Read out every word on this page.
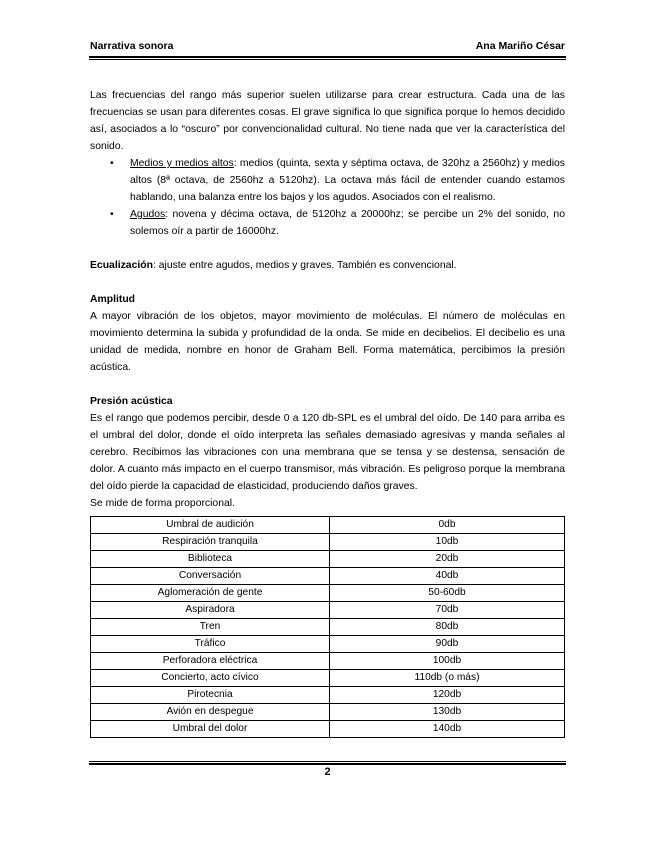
Narrativa sonora	Ana Mariño César

Las frecuencias del rango más superior suelen utilizarse para crear estructura. Cada una de las frecuencias se usan para diferentes cosas. El grave significa lo que significa porque lo hemos decidido así, asociados a lo “oscuro” por convencionalidad cultural. No tiene nada que ver la característica del sonido.

• Medios y medios altos: medios (quinta, sexta y séptima octava, de 320hz a 2560hz) y medios altos (8ª octava, de 2560hz a 5120hz). La octava más fácil de entender cuando estamos hablando, una balanza entre los bajos y los agudos. Asociados con el realismo.
• Agudos: novena y décima octava, de 5120hz a 20000hz; se percibe un 2% del sonido, no solemos oír a partir de 16000hz.

Ecualización: ajuste entre agudos, medios y graves. También es convencional.

Amplitud

A mayor vibración de los objetos, mayor movimiento de moléculas. El número de moléculas en movimiento determina la subida y profundidad de la onda. Se mide en decibelios. El decibelio es una unidad de medida, nombre en honor de Graham Bell. Forma matemática, percibimos la presión acústica.

Presión acústica

Es el rango que podemos percibir, desde 0 a 120 db-SPL es el umbral del oído. De 140 para arriba es el umbral del dolor, donde el oído interpreta las señales demasiado agresivas y manda señales al cerebro. Recibimos las vibraciones con una membrana que se tensa y se destensa, sensación de dolor. A cuanto más impacto en el cuerpo transmisor, más vibración. Es peligroso porque la membrana del oído pierde la capacidad de elasticidad, produciendo daños graves.

Se mide de forma proporcional.

Umbral de audición	0db
Respiración tranquila	10db
Biblioteca	20db
Conversación	40db
Aglomeración de gente	50-60db
Aspiradora	70db
Tren	80db
Tráfico	90db
Perforadora eléctrica	100db
Concierto, acto cívico	110db (o más)
Pirotecnia	120db
Avión en despegue	130db
Umbral del dolor	140db
2
